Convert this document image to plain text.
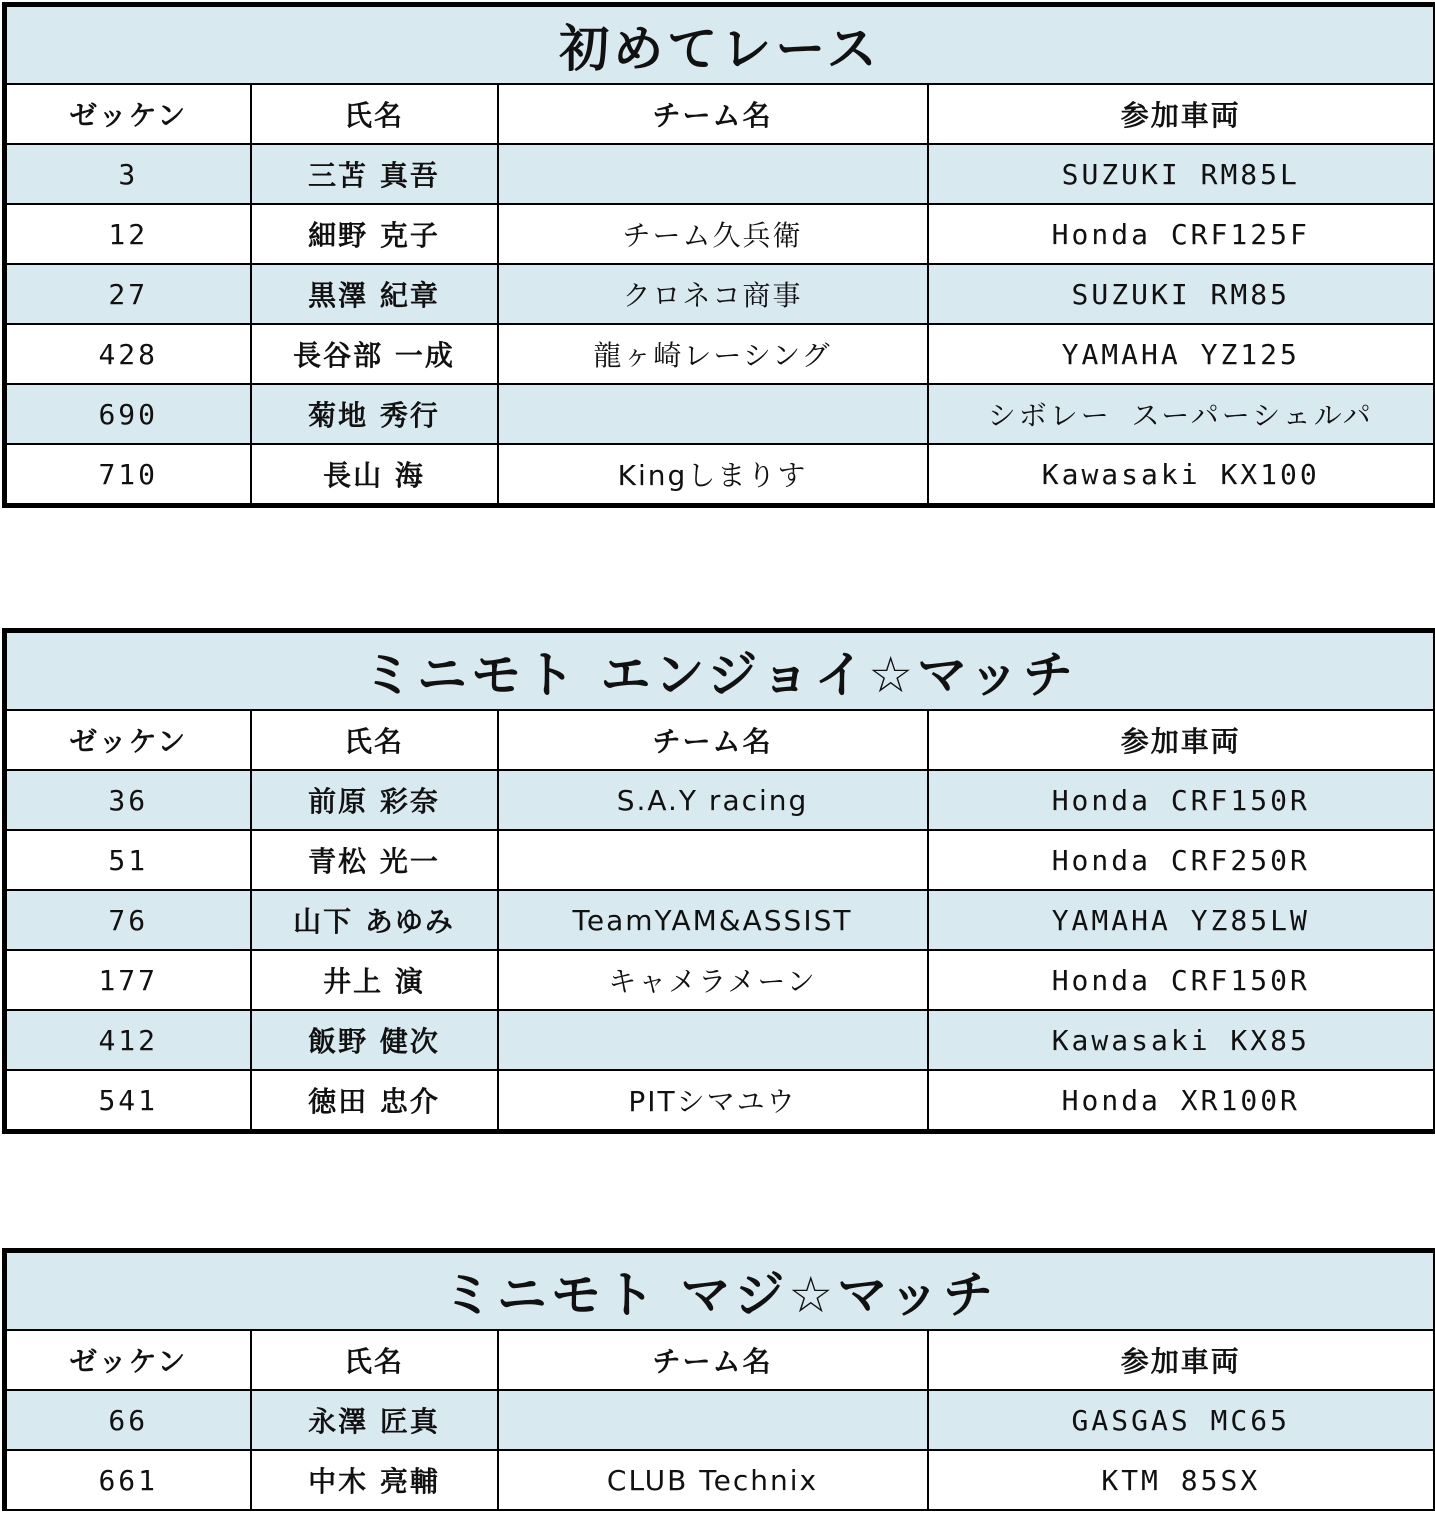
初めてレース			
ゼッケン	氏名	チーム名	参加車両
3	三苫 真吾		SUZUKI RM85L
12	細野 克子	チーム久兵衛	Honda CRF125F
27	黒澤 紀章	クロネコ商事	SUZUKI RM85
428	長谷部 一成	龍ヶ崎レーシング	YAMAHA YZ125
690	菊地 秀行		シボレー スーパーシェルパ
710	長山 海	Kingしまりす	Kawasaki KX100
ミニモト エンジョイ☆マッチ			
ゼッケン	氏名	チーム名	参加車両
36	前原 彩奈	S.A.Y racing	Honda CRF150R
51	青松 光一		Honda CRF250R
76	山下 あゆみ	TeamYAM&ASSIST	YAMAHA YZ85LW
177	井上 演	キャメラメーン	Honda CRF150R
412	飯野 健次		Kawasaki KX85
541	徳田 忠介	PITシマユウ	Honda XR100R
ミニモト マジ☆マッチ			
ゼッケン	氏名	チーム名	参加車両
66	永澤 匠真		GASGAS MC65
661	中木 亮輔	CLUB Technix	KTM 85SX
